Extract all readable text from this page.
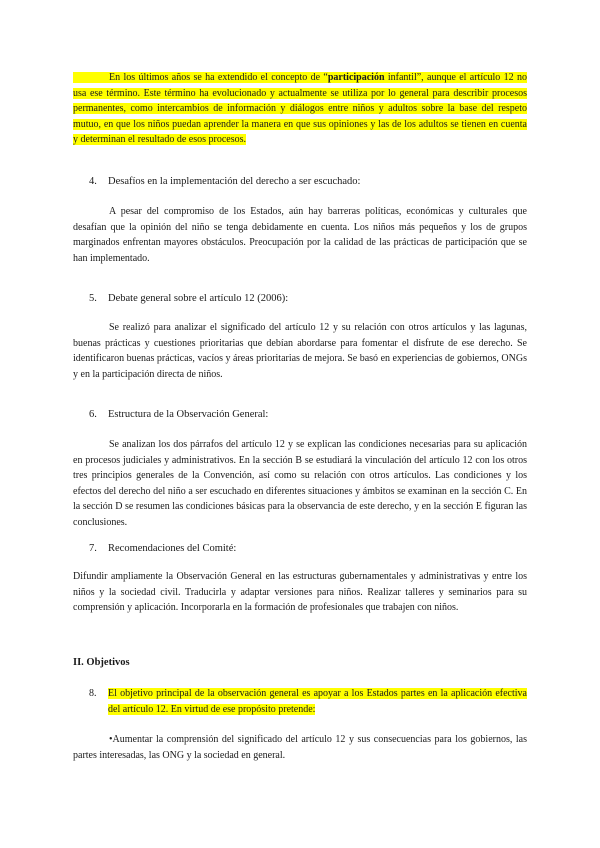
En los últimos años se ha extendido el concepto de “participación infantil”, aunque el artículo 12 no usa ese término. Este término ha evolucionado y actualmente se utiliza por lo general para describir procesos permanentes, como intercambios de información y diálogos entre niños y adultos sobre la base del respeto mutuo, en que los niños puedan aprender la manera en que sus opiniones y las de los adultos se tienen en cuenta y determinan el resultado de esos procesos.

4. Desafíos en la implementación del derecho a ser escuchado:

A pesar del compromiso de los Estados, aún hay barreras políticas, económicas y culturales que desafían que la opinión del niño se tenga debidamente en cuenta. Los niños más pequeños y los de grupos marginados enfrentan mayores obstáculos. Preocupación por la calidad de las prácticas de participación que se han implementado.

5. Debate general sobre el artículo 12 (2006):

Se realizó para analizar el significado del artículo 12 y su relación con otros artículos y las lagunas, buenas prácticas y cuestiones prioritarias que debían abordarse para fomentar el disfrute de ese derecho. Se identificaron buenas prácticas, vacíos y áreas prioritarias de mejora. Se basó en experiencias de gobiernos, ONGs y en la participación directa de niños.

6. Estructura de la Observación General:

Se analizan los dos párrafos del artículo 12 y se explican las condiciones necesarias para su aplicación en procesos judiciales y administrativos. En la sección B se estudiará la vinculación del artículo 12 con los otros tres principios generales de la Convención, así como su relación con otros artículos. Las condiciones y los efectos del derecho del niño a ser escuchado en diferentes situaciones y ámbitos se examinan en la sección C. En la sección D se resumen las condiciones básicas para la observancia de este derecho, y en la sección E figuran las conclusiones.

7. Recomendaciones del Comité:

Difundir ampliamente la Observación General en las estructuras gubernamentales y administrativas y entre los niños y la sociedad civil. Traducirla y adaptar versiones para niños. Realizar talleres y seminarios para su comprensión y aplicación. Incorporarla en la formación de profesionales que trabajen con niños.

II. Objetivos

8.	El objetivo principal de la observación general es apoyar a los Estados partes en la aplicación efectiva del artículo 12. En virtud de ese propósito pretende:

•Aumentar la comprensión del significado del artículo 12 y sus consecuencias para los gobiernos, las partes interesadas, las ONG y la sociedad en general.
